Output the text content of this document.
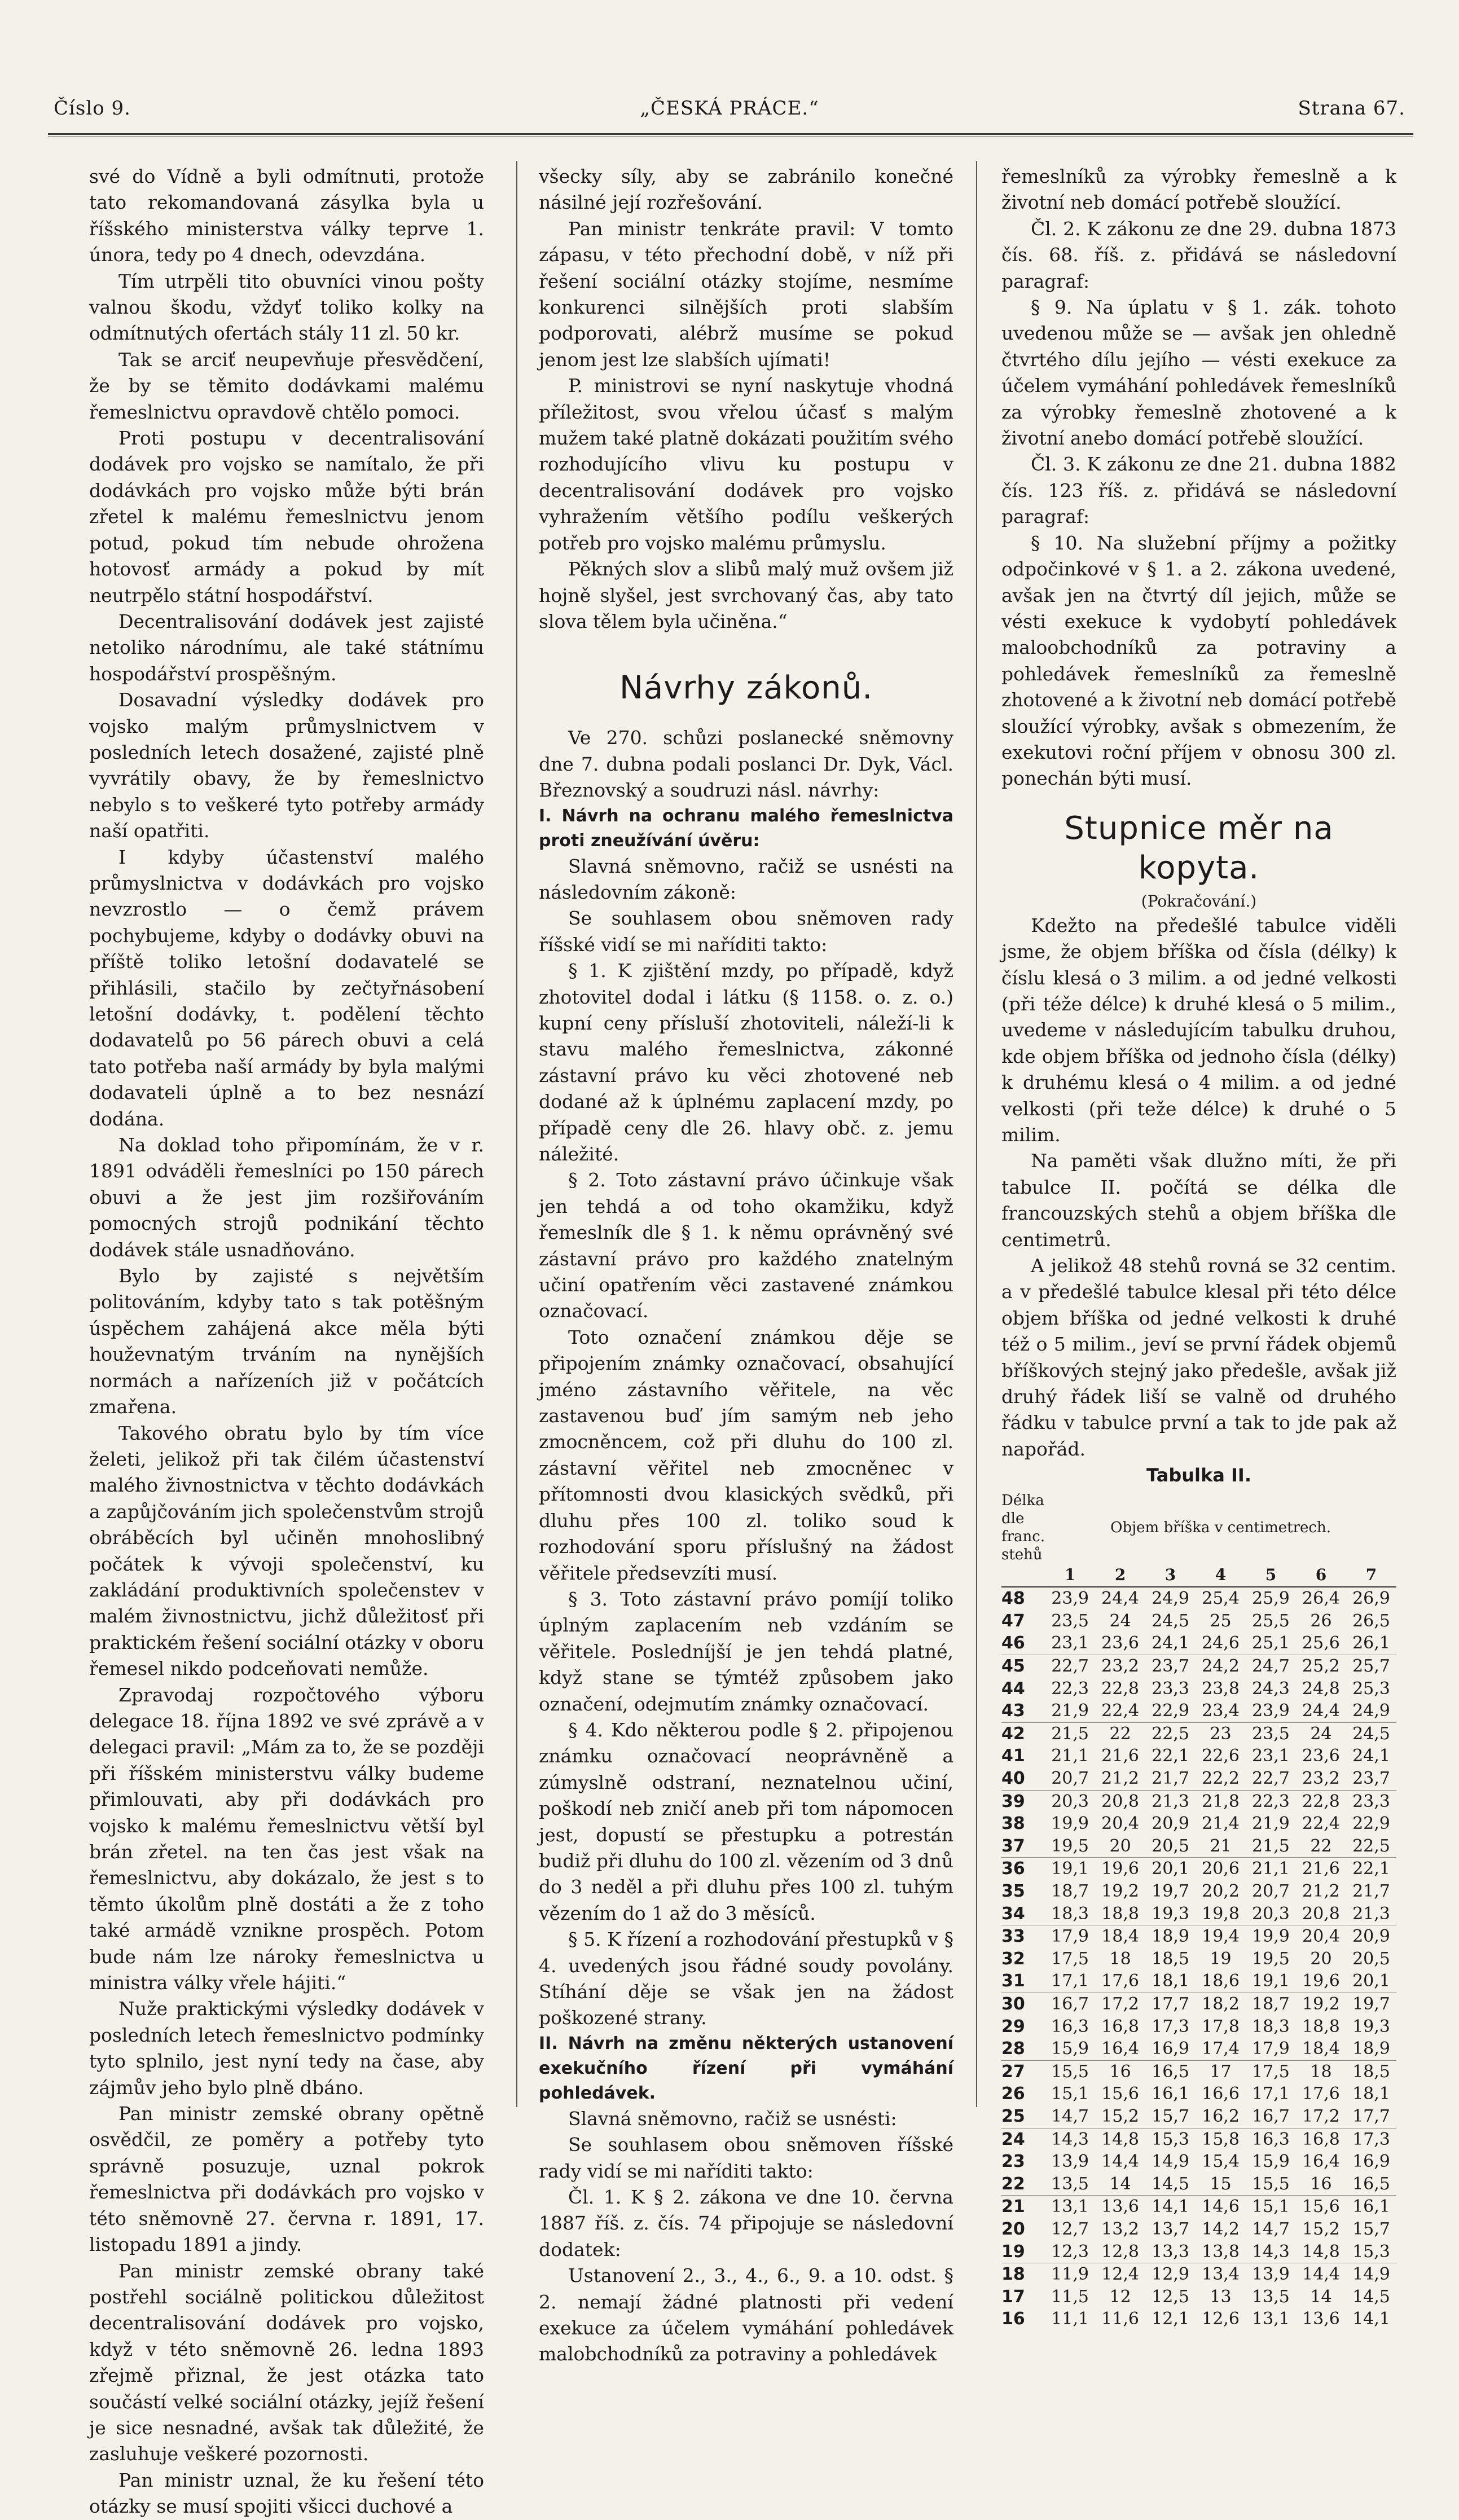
Číslo 9.	„ČESKÁ PRÁCE.“	Strana 67.

své do Vídně a byli odmítnuti, protože tato rekomandovaná zásylka byla u říšského ministerstva války teprve 1. února, tedy po 4 dnech, odevzdána.

Tím utrpěli tito obuvníci vinou pošty valnou škodu, vždyť toliko kolky na odmítnutých ofertách stály 11 zl. 50 kr.

Tak se arciť neupevňuje přesvědčení, že by se těmito dodávkami malému řemeslnictvu opravdově chtělo pomoci.

Proti postupu v decentralisování dodávek pro vojsko se namítalo, že při dodávkách pro vojsko může býti brán zřetel k malému řemeslnictvu jenom potud, pokud tím nebude ohrožena hotovosť armády a pokud by mít neutrpělo státní hospodářství.

Decentralisování dodávek jest zajisté netoliko národnímu, ale také státnímu hospodářství prospěšným.

Dosavadní výsledky dodávek pro vojsko malým průmyslnictvem v posledních letech dosažené, zajisté plně vyvrátily obavy, že by řemeslnictvo nebylo s to veškeré tyto potřeby armády naší opatřiti.

I kdyby účastenství malého průmyslnictva v dodávkách pro vojsko nevzrostlo — o čemž právem pochybujeme, kdyby o dodávky obuvi na příště toliko letošní dodavatelé se přihlásili, stačilo by zečtyřnásobení letošní dodávky, t. podělení těchto dodavatelů po 56 párech obuvi a celá tato potřeba naší armády by byla malými dodavateli úplně a to bez nesnází dodána.

Na doklad toho připomínám, že v r. 1891 odváděli řemeslníci po 150 párech obuvi a že jest jim rozšiřováním pomocných strojů podnikání těchto dodávek stále usnadňováno.

Bylo by zajisté s největším politováním, kdyby tato s tak potěšným úspěchem zahájená akce měla býti houževnatým trváním na nynějších normách a nařízeních již v počátcích zmařena.

Takového obratu bylo by tím více želeti, jelikož při tak čilém účastenství malého živnostnictva v těchto dodávkách a zapůjčováním jich společenstvům strojů obráběcích byl učiněn mnohoslibný počátek k vývoji společenství, ku zakládání produktivních společenstev v malém živnostnictvu, jichž důležitosť při praktickém řešení sociální otázky v oboru řemesel nikdo podceňovati nemůže.

Zpravodaj rozpočtového výboru delegace 18. října 1892 ve své zprávě a v delegaci pravil: „Mám za to, že se později při říšském ministerstvu války budeme přimlouvati, aby při dodávkách pro vojsko k malému řemeslnictvu větší byl brán zřetel. na ten čas jest však na řemeslnictvu, aby dokázalo, že jest s to těmto úkolům plně dostáti a že z toho také armádě vznikne prospěch. Potom bude nám lze nároky řemeslnictva u ministra války vřele hájiti.“

Nuže praktickými výsledky dodávek v posledních letech řemeslnictvo podmínky tyto splnilo, jest nyní tedy na čase, aby zájmův jeho bylo plně dbáno.

Pan ministr zemské obrany opětně osvědčil, ze poměry a potřeby tyto správně posuzuje, uznal pokrok řemeslnictva při dodávkách pro vojsko v této sněmovně 27. června r. 1891, 17. listopadu 1891 a jindy.

Pan ministr zemské obrany také postřehl sociálně politickou důležitost decentralisování dodávek pro vojsko, když v této sněmovně 26. ledna 1893 zřejmě přiznal, že jest otázka tato součástí velké sociální otázky, jejíž řešení je sice nesnadné, avšak tak důležité, že zasluhuje veškeré pozornosti.

Pan ministr uznal, že ku řešení této otázky se musí spojiti všicci duchové a

všecky síly, aby se zabránilo konečné násilné její rozřešování.

Pan ministr tenkráte pravil: V tomto zápasu, v této přechodní době, v níž při řešení sociální otázky stojíme, nesmíme konkurenci silnějších proti slabším podporovati, alébrž musíme se pokud jenom jest lze slabších ujímati!

P. ministrovi se nyní naskytuje vhodná příležitost, svou vřelou účasť s malým mužem také platně dokázati použitím svého rozhodujícího vlivu ku postupu v decentralisování dodávek pro vojsko vyhražením většího podílu veškerých potřeb pro vojsko malému průmyslu.

Pěkných slov a slibů malý muž ovšem již hojně slyšel, jest svrchovaný čas, aby tato slova tělem byla učiněna.“

Návrhy zákonů.

Ve 270. schůzi poslanecké sněmovny dne 7. dubna podali poslanci Dr. Dyk, Václ. Březnovský a soudruzi násl. návrhy:

I. Návrh na ochranu malého řemeslnictva proti zneužívání úvěru:

Slavná sněmovno, račiž se usnésti na následovním zákoně:

Se souhlasem obou sněmoven rady říšské vidí se mi naříditi takto:

§ 1. K zjištění mzdy, po případě, když zhotovitel dodal i látku (§ 1158. o. z. o.) kupní ceny přísluší zhotoviteli, náleží-li k stavu malého řemeslnictva, zákonné zástavní právo ku věci zhotovené neb dodané až k úplnému zaplacení mzdy, po případě ceny dle 26. hlavy obč. z. jemu náležité.

§ 2. Toto zástavní právo účinkuje však jen tehdá a od toho okamžiku, když řemeslník dle § 1. k němu oprávněný své zástavní právo pro každého znatelným učiní opatřením věci zastavené známkou označovací.

Toto označení známkou děje se připojením známky označovací, obsahující jméno zástavního věřitele, na věc zastavenou buď jím samým neb jeho zmocněncem, což při dluhu do 100 zl. zástavní věřitel neb zmocněnec v přítomnosti dvou klasických svědků, při dluhu přes 100 zl. toliko soud k rozhodování sporu příslušný na žádost věřitele předsevzíti musí.

§ 3. Toto zástavní právo pomíjí toliko úplným zaplacením neb vzdáním se věřitele. Posledníjší je jen tehdá platné, když stane se týmtéž způsobem jako označení, odejmutím známky označovací.

§ 4. Kdo některou podle § 2. připojenou známku označovací neoprávněně a zúmyslně odstraní, neznatelnou učiní, poškodí neb zničí aneb při tom nápomocen jest, dopustí se přestupku a potrestán budiž při dluhu do 100 zl. vězením od 3 dnů do 3 neděl a při dluhu přes 100 zl. tuhým vězením do 1 až do 3 měsíců.

§ 5. K řízení a rozhodování přestupků v § 4. uvedených jsou řádné soudy povolány. Stíhání děje se však jen na žádost poškozené strany.

II. Návrh na změnu některých ustanovení exekučního řízení při vymáhání pohledávek.

Slavná sněmovno, račiž se usnésti:

Se souhlasem obou sněmoven říšské rady vidí se mi naříditi takto:

Čl. 1. K § 2. zákona ve dne 10. června 1887 říš. z. čís. 74 připojuje se následovní dodatek:

Ustanovení 2., 3., 4., 6., 9. a 10. odst. § 2. nemají žádné platnosti při vedení exekuce za účelem vymáhání pohledávek malobchodníků za potraviny a pohledávek

řemeslníků za výrobky řemeslně a k životní neb domácí potřebě sloužící.

Čl. 2. K zákonu ze dne 29. dubna 1873 čís. 68. říš. z. přidává se následovní paragraf:

§ 9. Na úplatu v § 1. zák. tohoto uvedenou může se — avšak jen ohledně čtvrtého dílu jejího — vésti exekuce za účelem vymáhání pohledávek řemeslníků za výrobky řemeslně zhotovené a k životní anebo domácí potřebě sloužící.

Čl. 3. K zákonu ze dne 21. dubna 1882 čís. 123 říš. z. přidává se následovní paragraf:

§ 10. Na služební příjmy a požitky odpočinkové v § 1. a 2. zákona uvedené, avšak jen na čtvrtý díl jejich, může se vésti exekuce k vydobytí pohledávek maloobchodníků za potraviny a pohledávek řemeslníků za řemeslně zhotovené a k životní neb domácí potřebě sloužící výrobky, avšak s obmezením, že exekutovi roční příjem v obnosu 300 zl. ponechán býti musí.

Stupnice měr na kopyta.
(Pokračování.)

Kdežto na předešlé tabulce viděli jsme, že objem bříška od čísla (délky) k číslu klesá o 3 milim. a od jedné velkosti (při téže délce) k druhé klesá o 5 milim., uvedeme v následujícím tabulku druhou, kde objem bříška od jednoho čísla (délky) k druhému klesá o 4 milim. a od jedné velkosti (při teže délce) k druhé o 5 milim.

Na paměti však dlužno míti, že při tabulce II. počítá se délka dle francouzských stehů a objem bříška dle centimetrů.

A jelikož 48 stehů rovná se 32 centim. a v předešlé tabulce klesal při této délce objem bříška od jedné velkosti k druhé též o 5 milim., jeví se první řádek objemů bříškových stejný jako předešle, avšak již druhý řádek liší se valně od druhého řádku v tabulce první a tak to jde pak až napořád.

Tabulka II.
Délka dle franc. stehů	Objem bříška v centimetrech.						
	1	2	3	4	5	6	7
48	23,9	24,4	24,9	25,4	25,9	26,4	26,9
47	23,5	24	24,5	25	25,5	26	26,5
46	23,1	23,6	24,1	24,6	25,1	25,6	26,1
45	22,7	23,2	23,7	24,2	24,7	25,2	25,7
44	22,3	22,8	23,3	23,8	24,3	24,8	25,3
43	21,9	22,4	22,9	23,4	23,9	24,4	24,9
42	21,5	22	22,5	23	23,5	24	24,5
41	21,1	21,6	22,1	22,6	23,1	23,6	24,1
40	20,7	21,2	21,7	22,2	22,7	23,2	23,7
39	20,3	20,8	21,3	21,8	22,3	22,8	23,3
38	19,9	20,4	20,9	21,4	21,9	22,4	22,9
37	19,5	20	20,5	21	21,5	22	22,5
36	19,1	19,6	20,1	20,6	21,1	21,6	22,1
35	18,7	19,2	19,7	20,2	20,7	21,2	21,7
34	18,3	18,8	19,3	19,8	20,3	20,8	21,3
33	17,9	18,4	18,9	19,4	19,9	20,4	20,9
32	17,5	18	18,5	19	19,5	20	20,5
31	17,1	17,6	18,1	18,6	19,1	19,6	20,1
30	16,7	17,2	17,7	18,2	18,7	19,2	19,7
29	16,3	16,8	17,3	17,8	18,3	18,8	19,3
28	15,9	16,4	16,9	17,4	17,9	18,4	18,9
27	15,5	16	16,5	17	17,5	18	18,5
26	15,1	15,6	16,1	16,6	17,1	17,6	18,1
25	14,7	15,2	15,7	16,2	16,7	17,2	17,7
24	14,3	14,8	15,3	15,8	16,3	16,8	17,3
23	13,9	14,4	14,9	15,4	15,9	16,4	16,9
22	13,5	14	14,5	15	15,5	16	16,5
21	13,1	13,6	14,1	14,6	15,1	15,6	16,1
20	12,7	13,2	13,7	14,2	14,7	15,2	15,7
19	12,3	12,8	13,3	13,8	14,3	14,8	15,3
18	11,9	12,4	12,9	13,4	13,9	14,4	14,9
17	11,5	12	12,5	13	13,5	14	14,5
16	11,1	11,6	12,1	12,6	13,1	13,6	14,1
